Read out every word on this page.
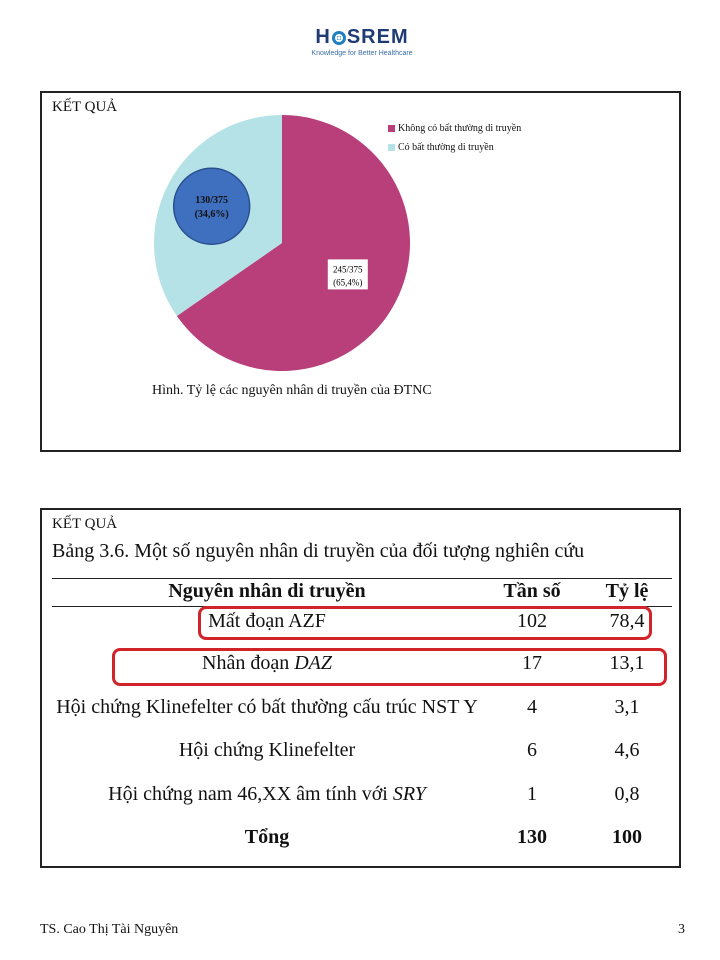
H SREM
Knowledge for Better Healthcare
KẾT QUẢ
245/375
(65,4%)
130/375
(34,6%)
Không có bất thường di truyền
Có bất thường di truyền
Hình. Tỷ lệ các nguyên nhân di truyền của ĐTNC
KẾT QUẢ
Bảng 3.6. Một số nguyên nhân di truyền của đối tượng nghiên cứu
Nguyên nhân di truyền	Tần số	Tỷ lệ
Mất đoạn AZF	102	78,4
Nhân đoạn DAZ	17	13,1
Hội chứng Klinefelter có bất thường cấu trúc NST Y	4	3,1
Hội chứng Klinefelter	6	4,6
Hội chứng nam 46,XX âm tính với SRY	1	0,8
Tổng	130	100
TS. Cao Thị Tài Nguyên	3
